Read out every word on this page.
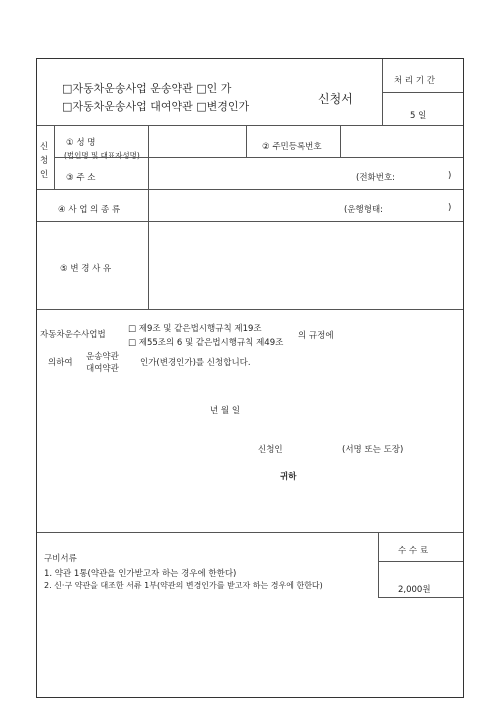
□자동차운송사업 운송약관 □인 가
□자동차운송사업 대여약관 □변경인가
신청서
처 리 기 간
5 일
신청인
① 성 명
(법인명 및 대표자성명)
② 주민등록번호
③ 주 소	(전화번호:	)
④ 사 업 의 종 류	(운행형태:	)
⑤ 변 경 사 유
자동차운수사업법
□ 제9조 및 같은법시행규칙 제19조
□ 제55조의 6 및 같은법시행규칙 제49조
의 규정에
의하여
운송약관
대여약관
인가(변경인가)를 신청합니다.
년 월 일
신청인	(서명 또는 도장)
귀하
수 수 료
2,000원
구비서류
1. 약관 1통(약관을 인가받고자 하는 경우에 한한다)
2. 신·구 약관을 대조한 서류 1부(약관의 변경인가를 받고자 하는 경우에 한한다)
